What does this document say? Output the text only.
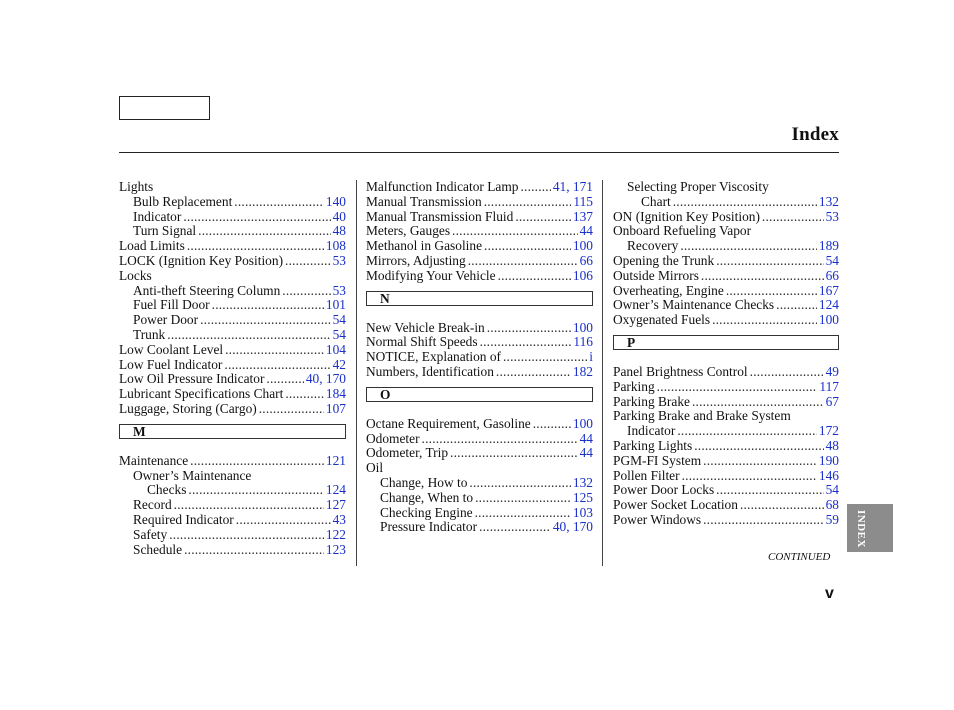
Index
Lights
Bulb Replacement .....	140
Indicator .....	40
Turn Signal .....	48
Load Limits .....	108
LOCK (Ignition Key Position) .....	53
Locks
Anti-theft Steering Column .....	53
Fuel Fill Door .....	101
Power Door .....	54
Trunk .....	54
Low Coolant Level .....	104
Low Fuel Indicator .....	42
Low Oil Pressure Indicator .....	40, 170
Lubricant Specifications Chart .....	184
Luggage, Storing (Cargo) .....	107
M
Maintenance .....	121
Owner’s Maintenance
Checks .....	124
Record .....	127
Required Indicator .....	43
Safety .....	122
Schedule .....	123
Malfunction Indicator Lamp .....	41, 171
Manual Transmission .....	115
Manual Transmission Fluid .....	137
Meters, Gauges .....	44
Methanol in Gasoline .....	100
Mirrors, Adjusting .....	66
Modifying Your Vehicle .....	106
N
New Vehicle Break-in .....	100
Normal Shift Speeds .....	116
NOTICE, Explanation of .....	i
Numbers, Identification .....	182
O
Octane Requirement, Gasoline .....	100
Odometer .....	44
Odometer, Trip .....	44
Oil
Change, How to .....	132
Change, When to .....	125
Checking Engine .....	103
Pressure Indicator .....	40, 170
Selecting Proper Viscosity
Chart .....	132
ON (Ignition Key Position) .....	53
Onboard Refueling Vapor
Recovery .....	189
Opening the Trunk .....	54
Outside Mirrors .....	66
Overheating, Engine .....	167
Owner’s Maintenance Checks .....	124
Oxygenated Fuels .....	100
P
Panel Brightness Control .....	49
Parking .....	117
Parking Brake .....	67
Parking Brake and Brake System
Indicator .....	172
Parking Lights .....	48
PGM-FI System .....	190
Pollen Filter .....	146
Power Door Locks .....	54
Power Socket Location .....	68
Power Windows .....	59 INDEX
CONTINUED
v
